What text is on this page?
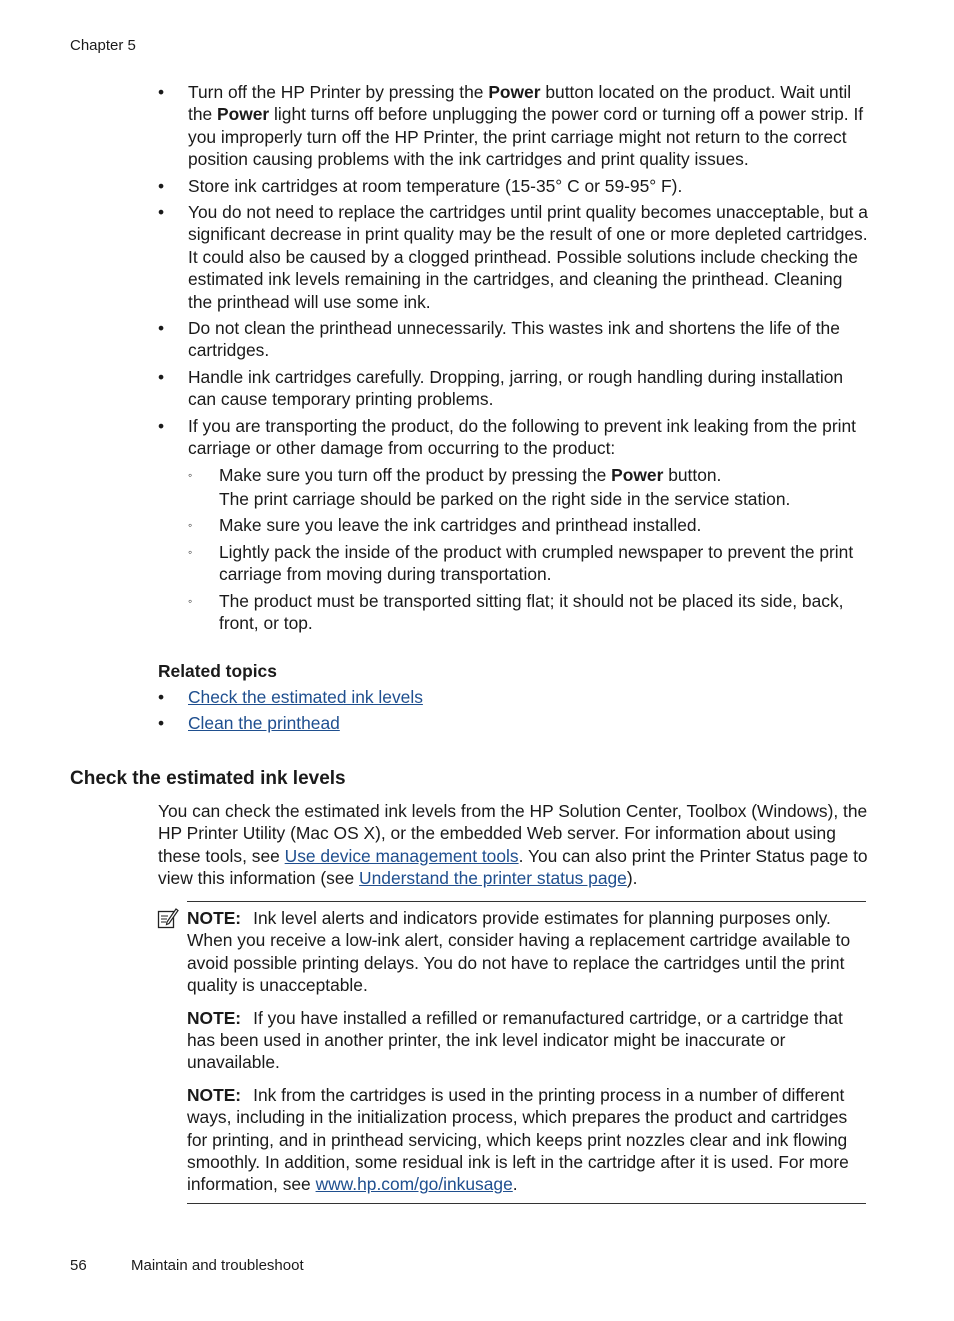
Chapter 5
• Turn off the HP Printer by pressing the Power button located on the product. Wait until the Power light turns off before unplugging the power cord or turning off a power strip. If you improperly turn off the HP Printer, the print carriage might not return to the correct position causing problems with the ink cartridges and print quality issues.
• Store ink cartridges at room temperature (15-35° C or 59-95° F).
• You do not need to replace the cartridges until print quality becomes unacceptable, but a significant decrease in print quality may be the result of one or more depleted cartridges. It could also be caused by a clogged printhead. Possible solutions include checking the estimated ink levels remaining in the cartridges, and cleaning the printhead. Cleaning the printhead will use some ink.
• Do not clean the printhead unnecessarily. This wastes ink and shortens the life of the cartridges.
• Handle ink cartridges carefully. Dropping, jarring, or rough handling during installation can cause temporary printing problems.
• If you are transporting the product, do the following to prevent ink leaking from the print carriage or other damage from occurring to the product:
◦ Make sure you turn off the product by pressing the Power button.
The print carriage should be parked on the right side in the service station.
◦ Make sure you leave the ink cartridges and printhead installed.
◦ Lightly pack the inside of the product with crumpled newspaper to prevent the print carriage from moving during transportation.
◦ The product must be transported sitting flat; it should not be placed its side, back, front, or top.
Related topics
• Check the estimated ink levels
• Clean the printhead
Check the estimated ink levels
You can check the estimated ink levels from the HP Solution Center, Toolbox (Windows), the HP Printer Utility (Mac OS X), or the embedded Web server. For information about using these tools, see Use device management tools. You can also print the Printer Status page to view this information (see Understand the printer status page).
NOTE: Ink level alerts and indicators provide estimates for planning purposes only. When you receive a low-ink alert, consider having a replacement cartridge available to avoid possible printing delays. You do not have to replace the cartridges until the print quality is unacceptable.
NOTE: If you have installed a refilled or remanufactured cartridge, or a cartridge that has been used in another printer, the ink level indicator might be inaccurate or unavailable.
NOTE: Ink from the cartridges is used in the printing process in a number of different ways, including in the initialization process, which prepares the product and cartridges for printing, and in printhead servicing, which keeps print nozzles clear and ink flowing smoothly. In addition, some residual ink is left in the cartridge after it is used. For more information, see www.hp.com/go/inkusage.
56	Maintain and troubleshoot
